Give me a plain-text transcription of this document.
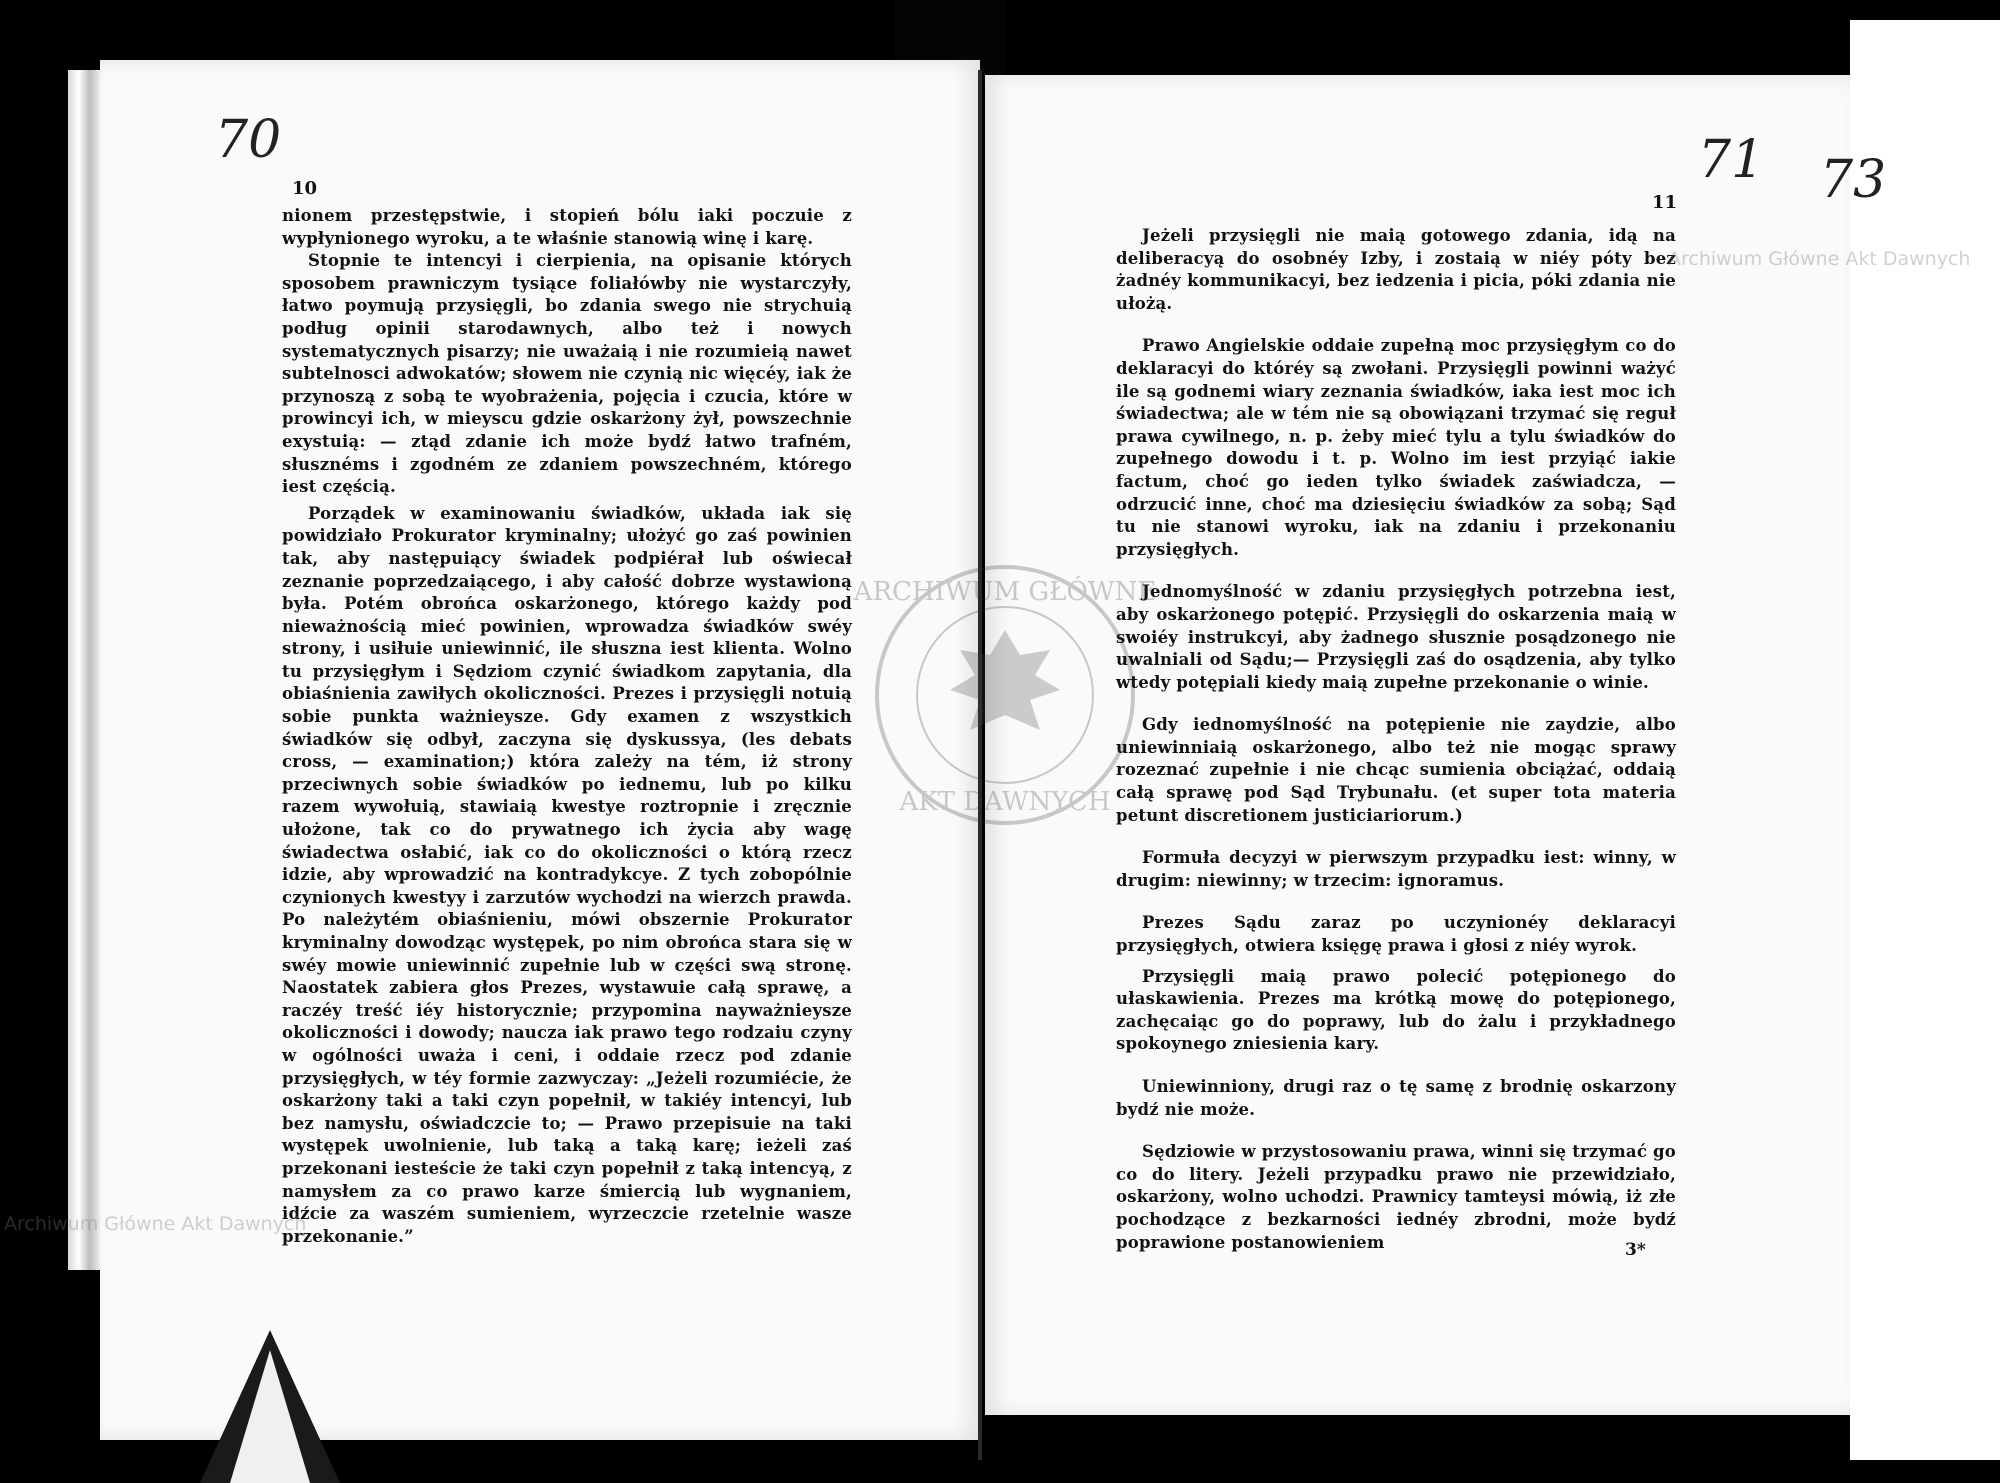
70	71 73
10
11

nionem przestępstwie, i stopień bólu iaki poczuie z wypłynionego wyroku, a te właśnie stanowią winę i karę.

Stopnie te intencyi i cierpienia, na opisanie których sposobem prawniczym tysiące foliałówby nie wystarczyły, łatwo poymują przysięgli, bo zdania swego nie strychuią podług opinii starodawnych, albo też i nowych systematycznych pisarzy; nie uważaią i nie rozumieią nawet subtelnosci adwokatów; słowem nie czynią nic więcéy, iak że przynoszą z sobą te wyobrażenia, pojęcia i czucia, które w prowincyi ich, w mieyscu gdzie oskarżony żył, powszechnie exystuią: — ztąd zdanie ich może bydź łatwo trafném, słusznéms i zgodném ze zdaniem powszechném, którego iest częścią.

Porządek w examinowaniu świadków, układa iak się powidziało Prokurator kryminalny; ułożyć go zaś powinien tak, aby następuiący świadek podpiérał lub oświecał zeznanie poprzedzaiącego, i aby całość dobrze wystawioną była. Potém obrońca oskarżonego, którego każdy pod nieważnością mieć powinien, wprowadza świadków swéy strony, i usiłuie uniewinnić, ile słuszna iest klienta. Wolno tu przysięgłym i Sędziom czynić świadkom zapytania, dla obiaśnienia zawiłych okoliczności. Prezes i przysięgli notuią sobie punkta ważnieysze. Gdy examen z wszystkich świadków się odbył, zaczyna się dyskussya, (les debats cross, — examination;) która zależy na tém, iż strony przeciwnych sobie świadków po iednemu, lub po kilku razem wywołuią, stawiaią kwestye roztropnie i zręcznie ułożone, tak co do prywatnego ich życia aby wagę świadectwa osłabić, iak co do okoliczności o którą rzecz idzie, aby wprowadzić na kontradykcye. Z tych zobopólnie czynionych kwestyy i zarzutów wychodzi na wierzch prawda. Po należytém obiaśnieniu, mówi obszernie Prokurator kryminalny dowodząc występek, po nim obrońca stara się w swéy mowie uniewinnić zupełnie lub w części swą stronę. Naostatek zabiera głos Prezes, wystawuie całą sprawę, a raczéy treść iéy historycznie; przypomina nayważnieysze okoliczności i dowody; naucza iak prawo tego rodzaiu czyny w ogólności uważa i ceni, i oddaie rzecz pod zdanie przysięgłych, w téy formie zazwyczay: „Jeżeli rozumiécie, że oskarżony taki a taki czyn popełnił, w takiéy intencyi, lub bez namysłu, oświadczcie to; — Prawo przepisuie na taki występek uwolnienie, lub taką a taką karę; ieżeli zaś przekonani iesteście że taki czyn popełnił z taką intencyą, z namysłem za co prawo karze śmiercią lub wygnaniem, idźcie za waszém sumieniem, wyrzeczcie rzetelnie wasze przekonanie.”

Jeżeli przysięgli nie maią gotowego zdania, idą na deliberacyą do osobnéy Izby, i zostaią w niéy póty bez żadnéy kommunikacyi, bez iedzenia i picia, póki zdania nie ułożą.

Prawo Angielskie oddaie zupełną moc przysięgłym co do deklaracyi do któréy są zwołani. Przysięgli powinni ważyć ile są godnemi wiary zeznania świadków, iaka iest moc ich świadectwa; ale w tém nie są obowiązani trzymać się reguł prawa cywilnego, n. p. żeby mieć tylu a tylu świadków do zupełnego dowodu i t. p. Wolno im iest przyiąć iakie factum, choć go ieden tylko świadek zaświadcza, — odrzucić inne, choć ma dziesięciu świadków za sobą; Sąd tu nie stanowi wyroku, iak na zdaniu i przekonaniu przysięgłych.

Jednomyślność w zdaniu przysięgłych potrzebna iest, aby oskarżonego potępić. Przysięgli do oskarzenia maią w swoiéy instrukcyi, aby żadnego słusznie posądzonego nie uwalniali od Sądu;— Przysięgli zaś do osądzenia, aby tylko wtedy potępiali kiedy maią zupełne przekonanie o winie.

Gdy iednomyślność na potępienie nie zaydzie, albo uniewinniaią oskarżonego, albo też nie mogąc sprawy rozeznać zupełnie i nie chcąc sumienia obciążać, oddaią całą sprawę pod Sąd Trybunału. (et super tota materia petunt discretionem justiciariorum.)

Formuła decyzyi w pierwszym przypadku iest: winny, w drugim: niewinny; w trzecim: ignoramus.

Prezes Sądu zaraz po uczynionéy deklaracyi przysięgłych, otwiera księgę prawa i głosi z niéy wyrok.

Przysięgli maią prawo polecić potępionego do ułaskawienia. Prezes ma krótką mowę do potępionego, zachęcaiąc go do poprawy, lub do żalu i przykładnego spokoynego zniesienia kary.

Uniewinniony, drugi raz o tę samę z brodnię oskarzony bydź nie może.

Sędziowie w przystosowaniu prawa, winni się trzymać go co do litery. Jeżeli przypadku prawo nie przewidziało, oskarżony, wolno uchodzi. Prawnicy tamteysi mówią, iż złe pochodzące z bezkarności iednéy zbrodni, może bydź poprawione postanowieniem	3*
Archiwum Główne Akt Dawnych
Archiwum Główne Akt Dawnych
ARCHIWUM GŁÓWNE
AKT DAWNYCH
